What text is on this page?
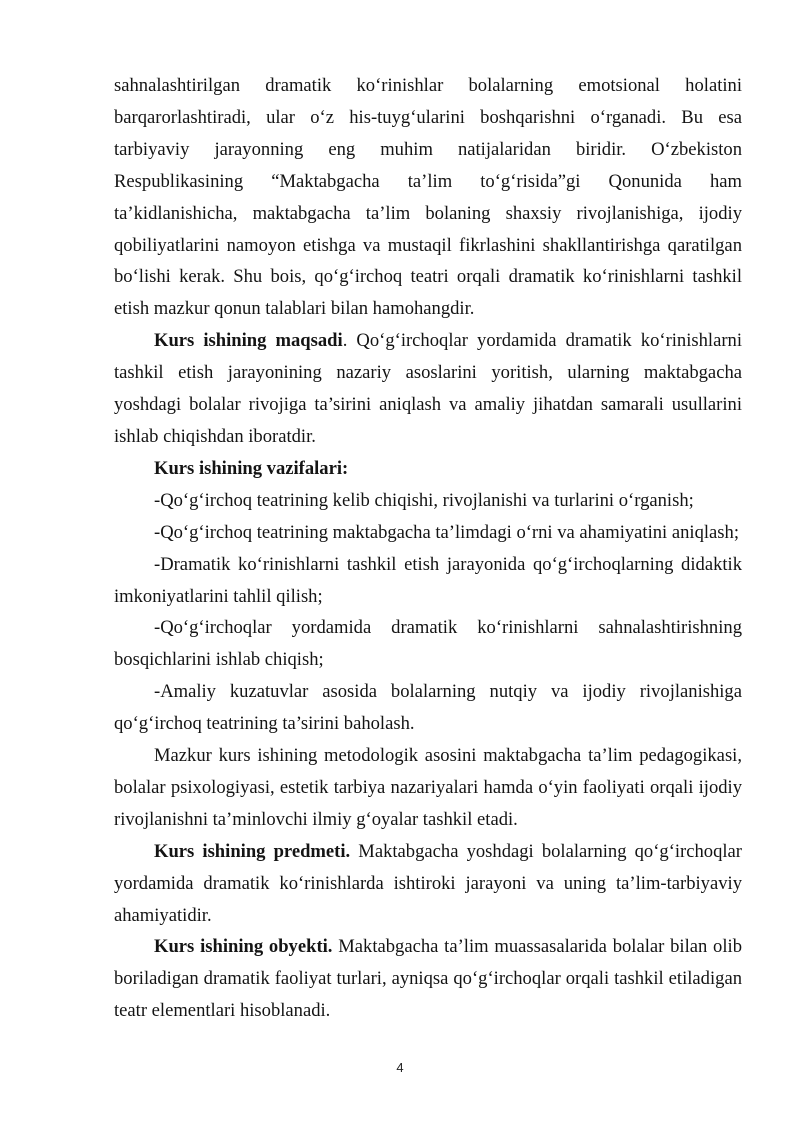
sahnalashtirilgan dramatik ko‘rinishlar bolalarning emotsional holatini barqarorlashtiradi, ular o‘z his-tuyg‘ularini boshqarishni o‘rganadi. Bu esa tarbiyaviy jarayonning eng muhim natijalaridan biridir. O‘zbekiston Respublikasining “Maktabgacha ta’lim to‘g‘risida”gi Qonunida ham ta’kidlanishicha, maktabgacha ta’lim bolaning shaxsiy rivojlanishiga, ijodiy qobiliyatlarini namoyon etishga va mustaqil fikrlashini shakllantirishga qaratilgan bo‘lishi kerak. Shu bois, qo‘g‘irchoq teatri orqali dramatik ko‘rinishlarni tashkil etish mazkur qonun talablari bilan hamohangdir.

Kurs ishining maqsadi. Qo‘g‘irchoqlar yordamida dramatik ko‘rinishlarni tashkil etish jarayonining nazariy asoslarini yoritish, ularning maktabgacha yoshdagi bolalar rivojiga ta’sirini aniqlash va amaliy jihatdan samarali usullarini ishlab chiqishdan iboratdir.

Kurs ishining vazifalari:

-Qo‘g‘irchoq teatrining kelib chiqishi, rivojlanishi va turlarini o‘rganish;

-Qo‘g‘irchoq teatrining maktabgacha ta’limdagi o‘rni va ahamiyatini aniqlash;

-Dramatik ko‘rinishlarni tashkil etish jarayonida qo‘g‘irchoqlarning didaktik imkoniyatlarini tahlil qilish;

-Qo‘g‘irchoqlar yordamida dramatik ko‘rinishlarni sahnalashtirishning bosqichlarini ishlab chiqish;

-Amaliy kuzatuvlar asosida bolalarning nutqiy va ijodiy rivojlanishiga qo‘g‘irchoq teatrining ta’sirini baholash.

Mazkur kurs ishining metodologik asosini maktabgacha ta’lim pedagogikasi, bolalar psixologiyasi, estetik tarbiya nazariyalari hamda o‘yin faoliyati orqali ijodiy rivojlanishni ta’minlovchi ilmiy g‘oyalar tashkil etadi.

Kurs ishining predmeti. Maktabgacha yoshdagi bolalarning qo‘g‘irchoqlar yordamida dramatik ko‘rinishlarda ishtiroki jarayoni va uning ta’lim-tarbiyaviy ahamiyatidir.

Kurs ishining obyekti. Maktabgacha ta’lim muassasalarida bolalar bilan olib boriladigan dramatik faoliyat turlari, ayniqsa qo‘g‘irchoqlar orqali tashkil etiladigan teatr elementlari hisoblanadi.

4
